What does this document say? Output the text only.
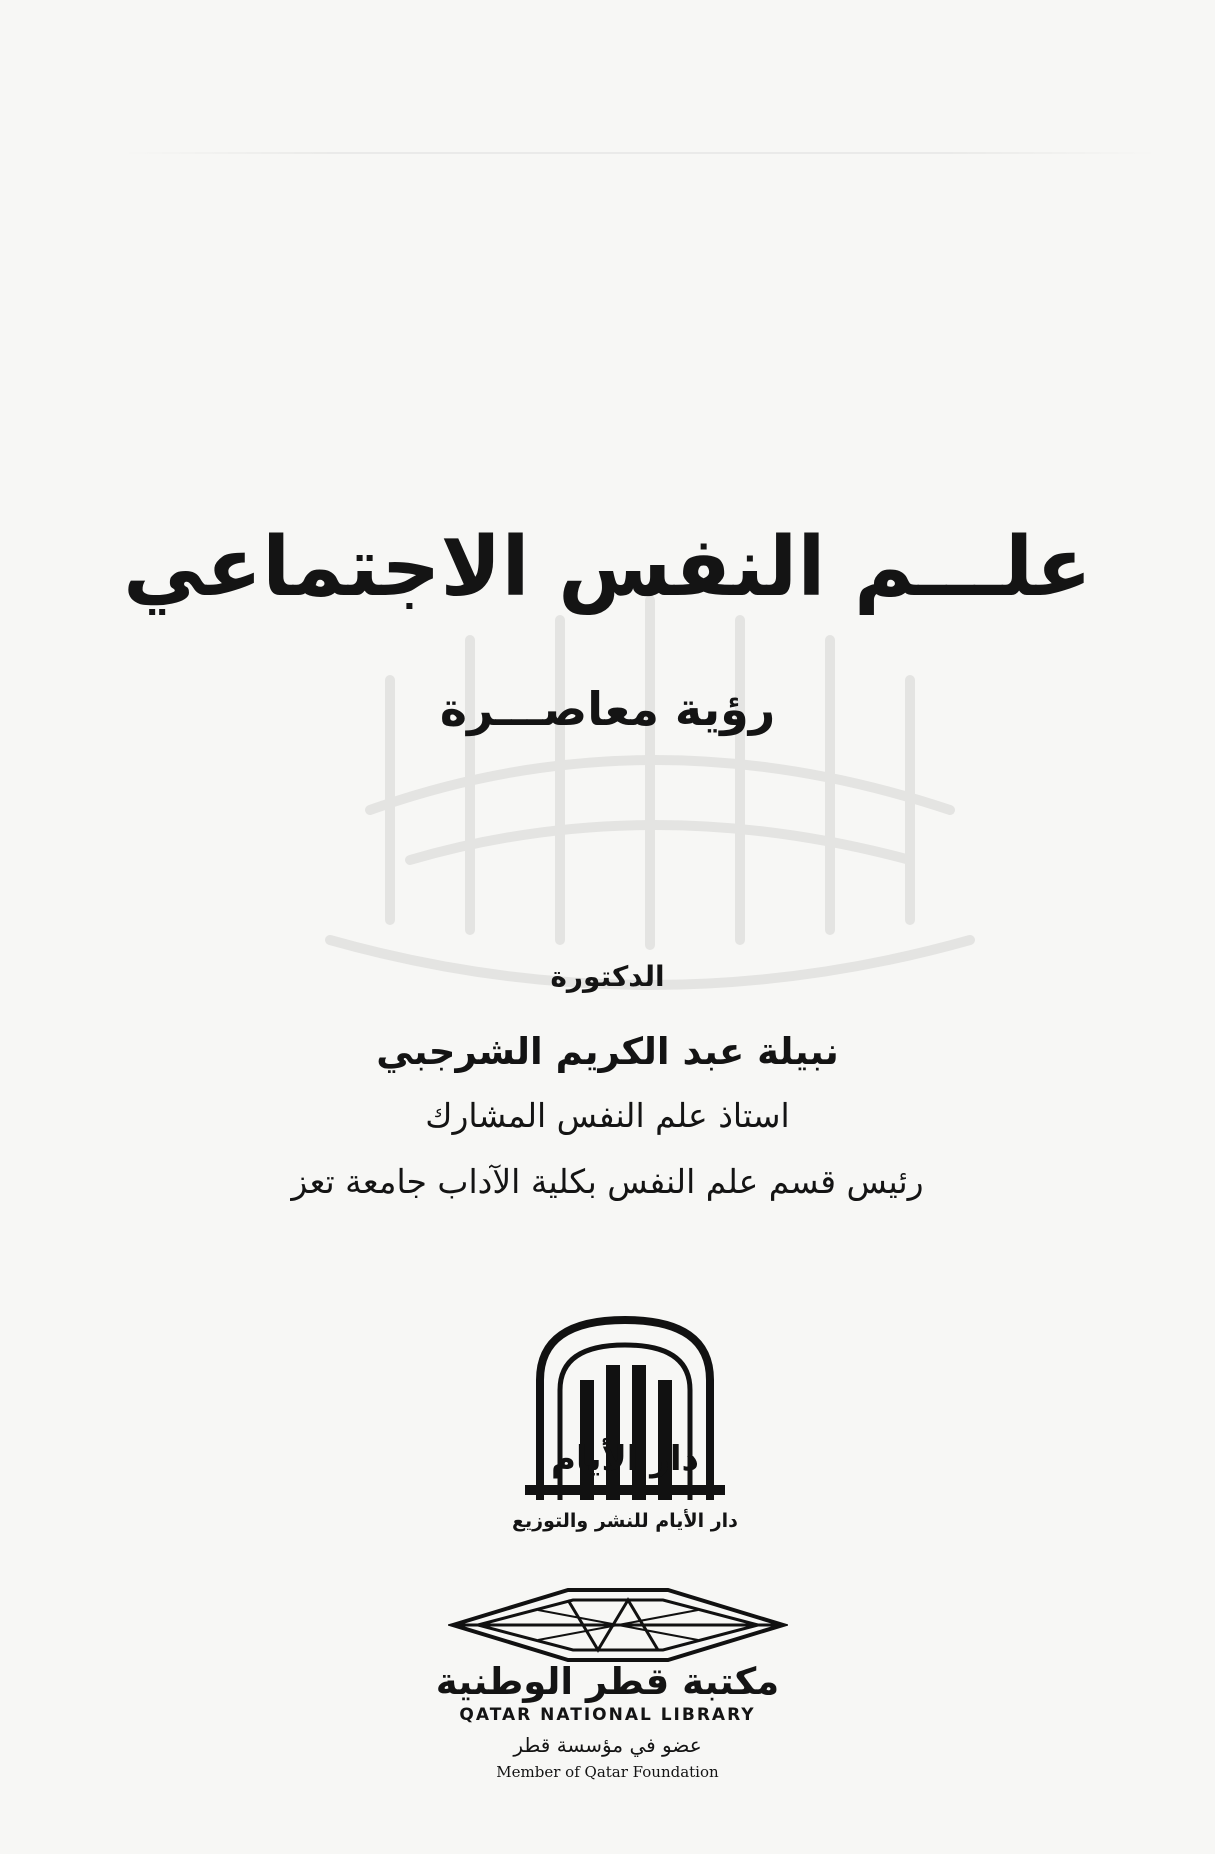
علـــم النفس الاجتماعي
رؤية معاصـــرة
الدكتورة
نبيلة عبد الكريم الشرجبي
استاذ علم النفس المشارك
رئيس قسم علم النفس بكلية الآداب جامعة تعز
دار الأيام
دار الأيام للنشر والتوزيع
مكتبة قطر الوطنية
QATAR NATIONAL LIBRARY
عضو في مؤسسة قطر
Member of Qatar Foundation
